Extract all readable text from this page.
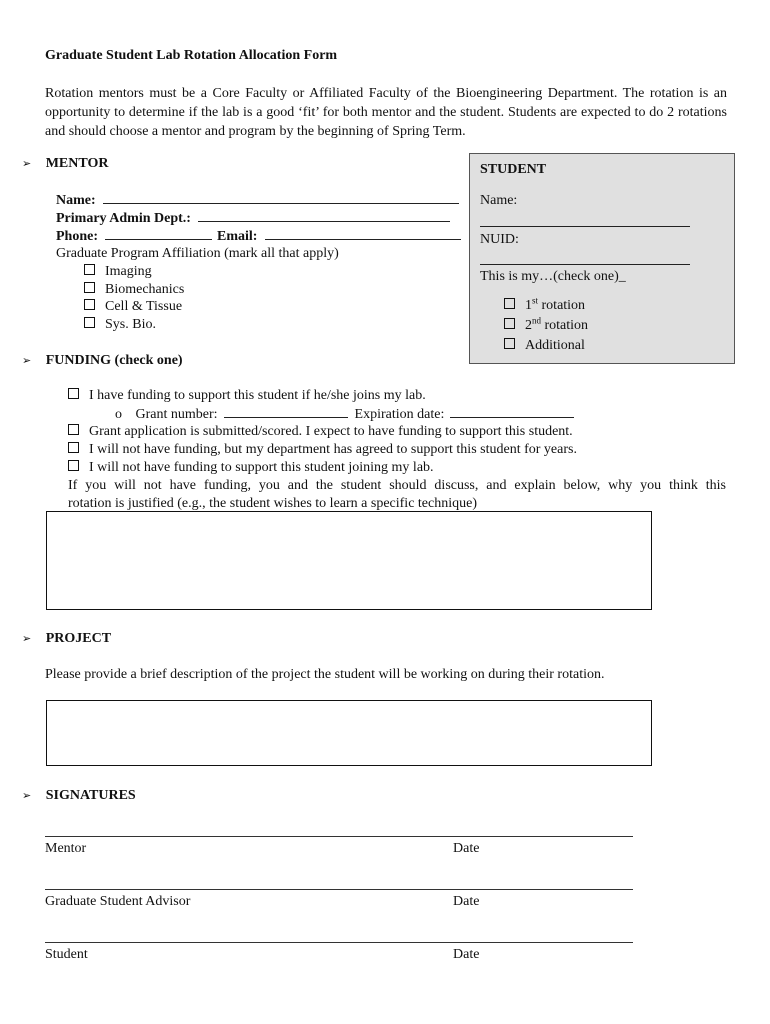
Graduate Student Lab Rotation Allocation Form
Rotation mentors must be a Core Faculty or Affiliated Faculty of the Bioengineering Department. The rotation is an opportunity to determine if the lab is a good ‘fit’ for both mentor and the student. Students are expected to do 2 rotations and should choose a mentor and program by the beginning of Spring Term.
➢ MENTOR
Name:
Primary Admin Dept.:
Phone:	Email:
Graduate Program Affiliation (mark all that apply)
Imaging
Biomechanics
Cell & Tissue
Sys. Bio.
STUDENT
Name:
NUID:
This is my…(check one)_
1st rotation
2nd rotation
Additional
➢ FUNDING (check one)
I have funding to support this student if he/she joins my lab.
o Grant number:	Expiration date:
Grant application is submitted/scored. I expect to have funding to support this student.
I will not have funding, but my department has agreed to support this student for years.
I will not have funding to support this student joining my lab.
If you will not have funding, you and the student should discuss, and explain below, why you think this
rotation is justified (e.g., the student wishes to learn a specific technique)
➢ PROJECT
Please provide a brief description of the project the student will be working on during their rotation.
➢ SIGNATURES
Mentor	Date
Graduate Student Advisor	Date
Student	Date
